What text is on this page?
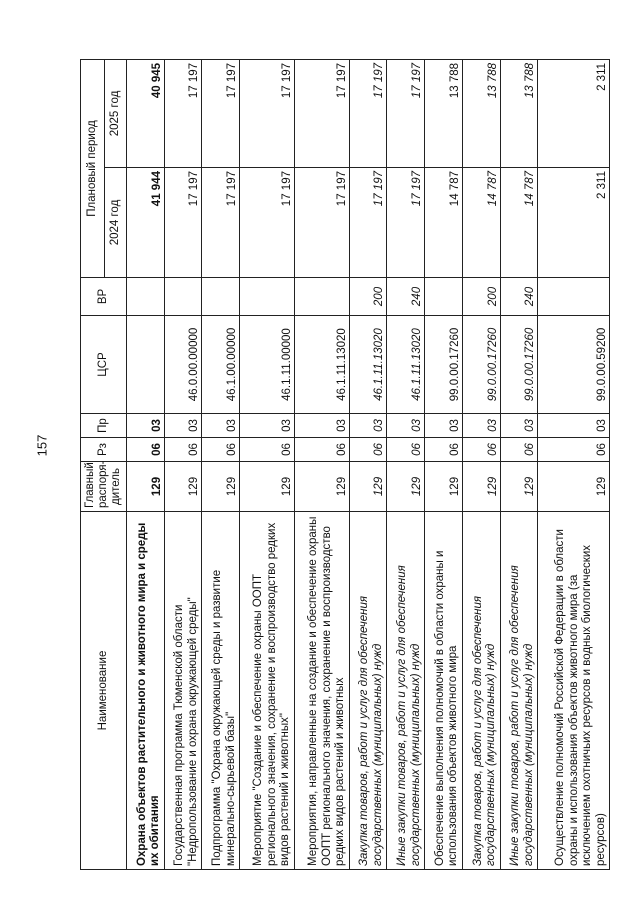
157
Наименование	Главный распоря-дитель	Рз	Пр	ЦСР	ВР	Плановый период	
						2024 год	2025 год
Охрана объектов растительного и животного мира и среды их обитания	129	06	03			41 944	40 945
Государственная программа Тюменской области "Недропользование и охрана окружающей среды"	129	06	03	46.0.00.00000		17 197	17 197
Подпрограмма "Охрана окружающей среды и развитие минерально-сырьевой базы"	129	06	03	46.1.00.00000		17 197	17 197
Мероприятие "Создание и обеспечение охраны ООПТ регионального значения, сохранение и воспроизводство редких видов растений и животных"	129	06	03	46.1.11.00000		17 197	17 197
Мероприятия, направленные на создание и обеспечение охраны ООПТ регионального значения, сохранение и воспроизводство редких видов растений и животных	129	06	03	46.1.11.13020		17 197	17 197
Закупка товаров, работ и услуг для обеспечения государственных (муниципальных) нужд	129	06	03	46.1.11.13020	200	17 197	17 197
Иные закупки товаров, работ и услуг для обеспечения государственных (муниципальных) нужд	129	06	03	46.1.11.13020	240	17 197	17 197
Обеспечение выполнения полномочий в области охраны и использования объектов животного мира	129	06	03	99.0.00.17260		14 787	13 788
Закупка товаров, работ и услуг для обеспечения государственных (муниципальных) нужд	129	06	03	99.0.00.17260	200	14 787	13 788
Иные закупки товаров, работ и услуг для обеспечения государственных (муниципальных) нужд	129	06	03	99.0.00.17260	240	14 787	13 788
Осуществление полномочий Российской Федерации в области охраны и использования объектов животного мира (за исключением охотничьих ресурсов и водных биологических ресурсов)	129	06	03	99.0.00.59200		2 311	2 311
